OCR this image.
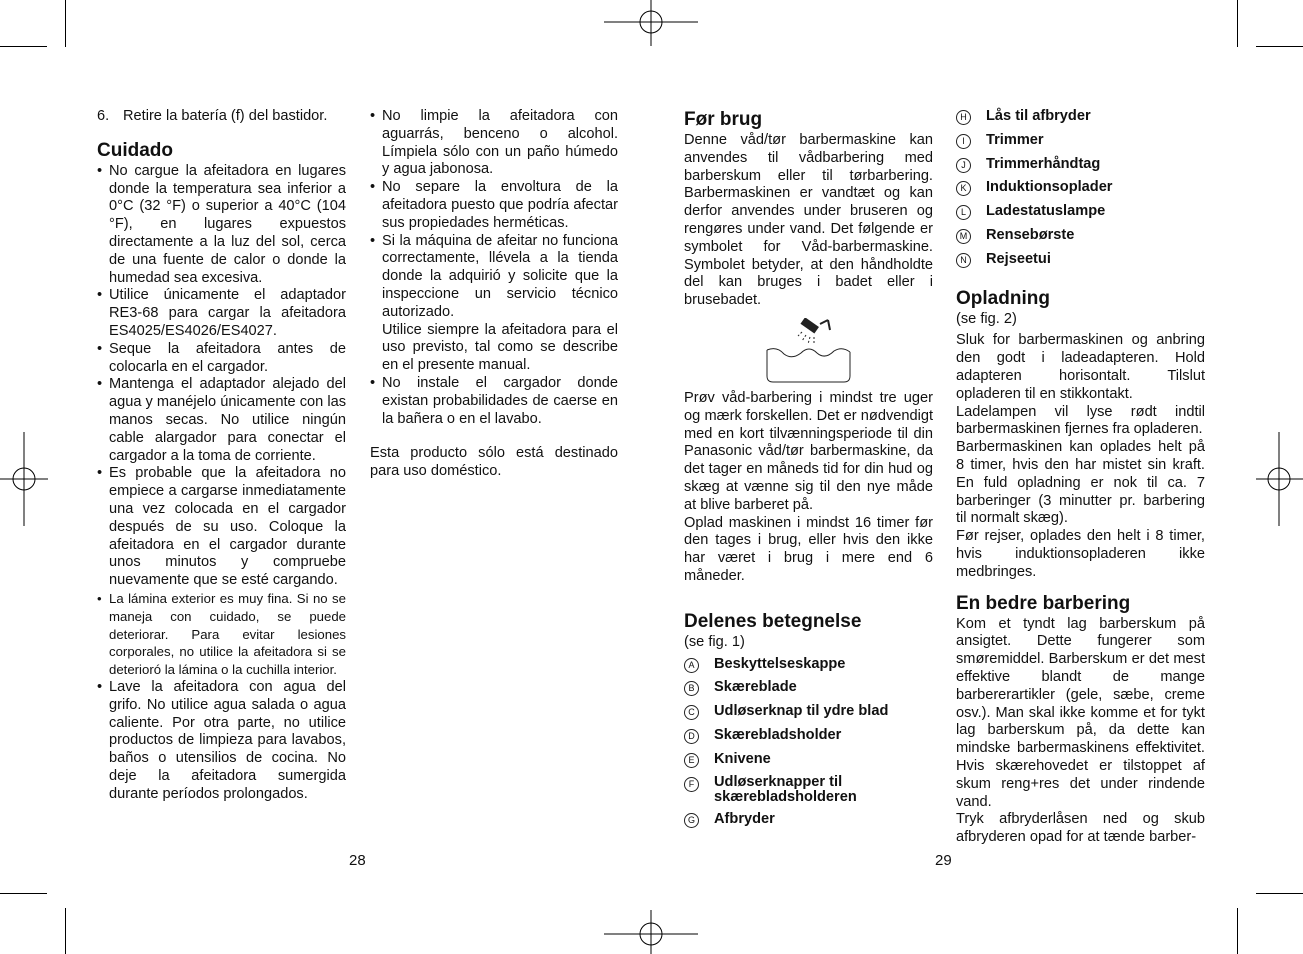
6. Retire la batería (f) del bastidor.

Cuidado
• No cargue la afeitadora en lugares donde la temperatura sea inferior a 0°C (32 °F) o superior a 40°C (104 °F), en lugares expuestos directamente a la luz del sol, cerca de una fuente de calor o donde la humedad sea excesiva.
• Utilice únicamente el adaptador RE3-68 para cargar la afeitadora ES4025/ES4026/ES4027.
• Seque la afeitadora antes de colocarla en el cargador.
• Mantenga el adaptador alejado del agua y manéjelo únicamente con las manos secas. No utilice ningún cable alargador para conectar el cargador a la toma de corriente.
• Es probable que la afeitadora no empiece a cargarse inmediatamente una vez colocada en el cargador después de su uso. Coloque la afeitadora en el cargador durante unos minutos y compruebe nuevamente que se esté cargando.
• La lámina exterior es muy fina. Si no se maneja con cuidado, se puede deteriorar. Para evitar lesiones corporales, no utilice la afeitadora si se deterioró la lámina o la cuchilla interior.
• Lave la afeitadora con agua del grifo. No utilice agua salada o agua caliente. Por otra parte, no utilice productos de limpieza para lavabos, baños o utensilios de cocina. No deje la afeitadora sumergida durante períodos prolongados.
• No limpie la afeitadora con aguarrás, benceno o alcohol. Límpiela sólo con un paño húmedo y agua jabonosa.
• No separe la envoltura de la afeitadora puesto que podría afectar sus propiedades herméticas.
• Si la máquina de afeitar no funciona correctamente, llévela a la tienda donde la adquirió y solicite que la inspeccione un servicio técnico autorizado.
Utilice siempre la afeitadora para el uso previsto, tal como se describe en el presente manual.
• No instale el cargador donde existan probabilidades de caerse en la bañera o en el lavabo.

Esta producto sólo está destinado para uso doméstico.

28
Før brug

Denne våd/tør barbermaskine kan anvendes til vådbarbering med barberskum eller til tørbarbering. Barbermaskinen er vandtæt og kan derfor anvendes under bruseren og rengøres under vand. Det følgende er symbolet for Våd-barbermaskine. Symbolet betyder, at den håndholdte del kan bruges i badet eller i brusebadet.

Prøv våd-barbering i mindst tre uger og mærk forskellen. Det er nødvendigt med en kort tilvænningsperiode til din Panasonic våd/tør barbermaskine, da det tager en måneds tid for din hud og skæg at vænne sig til den nye måde at blive barberet på.

Oplad maskinen i mindst 16 timer før den tages i brug, eller hvis den ikke har været i brug i mere end 6 måneder.

Delenes betegnelse

(se fig. 1)

A	Beskyttelseskappe
B	Skæreblade
C Udløserknap til ydre blad
D Skærebladsholder
E	Knivene
F	Udløserknapper til skærebladsholderen
G Afbryder
29
H Lås til afbryder
I	Trimmer
J	Trimmerhåndtag
K	Induktionsoplader
L	Ladestatuslampe
M Rensebørste
N Rejseetui
Opladning

(se fig. 2)

Sluk for barbermaskinen og anbring den godt i ladeadapteren. Hold adapteren horisontalt. Tilslut opladeren til en stikkontakt.

Ladelampen vil lyse rødt indtil barbermaskinen fjernes fra opladeren.

Barbermaskinen kan oplades helt på 8 timer, hvis den har mistet sin kraft. En fuld opladning er nok til ca. 7 barberinger (3 minutter pr. barbering til normalt skæg).

Før rejser, oplades den helt i 8 timer, hvis induktionsopladeren ikke medbringes.

En bedre barbering

Kom et tyndt lag barberskum på ansigtet. Dette fungerer som smøremiddel. Barberskum er det mest effektive blandt de mange barbererartikler (gele, sæbe, creme osv.). Man skal ikke komme et for tykt lag barberskum på, da dette kan mindske barbermaskinens effektivitet. Hvis skærehovedet er tilstoppet af skum reng+res det under rindende vand.

Tryk afbryderlåsen ned og skub afbryderen opad for at tænde barber-
